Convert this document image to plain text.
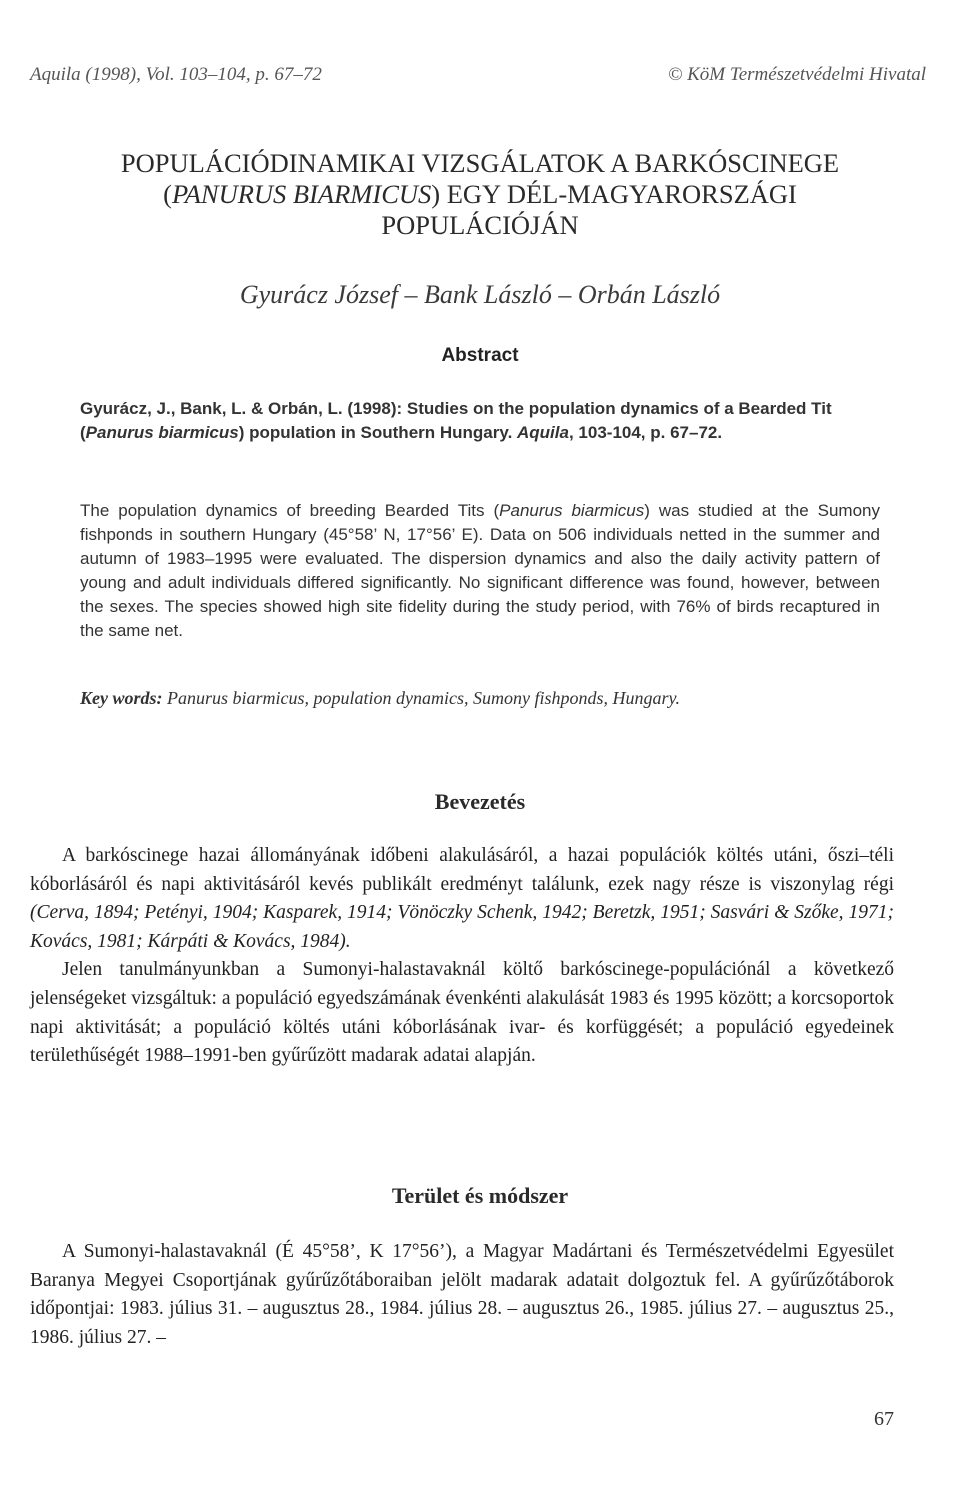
Aquila (1998), Vol. 103–104, p. 67–72	© KöM Természetvédelmi Hivatal
POPULÁCIÓDINAMIKAI VIZSGÁLATOK A BARKÓSCINEGE
(PANURUS BIARMICUS) EGY DÉL-MAGYARORSZÁGI
POPULÁCIÓJÁN
Gyurácz József – Bank László – Orbán László
Abstract
Gyurácz, J., Bank, L. & Orbán, L. (1998): Studies on the population dynamics of a Bearded Tit (Panurus biarmicus) population in Southern Hungary. Aquila, 103-104, p. 67–72.
The population dynamics of breeding Bearded Tits (Panurus biarmicus) was studied at the Sumony fishponds in southern Hungary (45°58’ N, 17°56’ E). Data on 506 individuals netted in the summer and autumn of 1983–1995 were evaluated. The dispersion dynamics and also the daily activity pattern of young and adult individuals differed significantly. No significant difference was found, however, between the sexes. The species showed high site fidelity during the study period, with 76% of birds recaptured in the same net.
Key words: Panurus biarmicus, population dynamics, Sumony fishponds, Hungary.
Bevezetés

A barkóscinege hazai állományának időbeni alakulásáról, a hazai populációk költés utáni, őszi–téli kóborlásáról és napi aktivitásáról kevés publikált eredményt találunk, ezek nagy része is viszonylag régi (Cerva, 1894; Petényi, 1904; Kasparek, 1914; Vönöczky Schenk, 1942; Beretzk, 1951; Sasvári & Szőke, 1971; Kovács, 1981; Kárpáti & Kovács, 1984).

Jelen tanulmányunkban a Sumonyi-halastavaknál költő barkóscinege-populációnál a következő jelenségeket vizsgáltuk: a populáció egyedszámának évenkénti alakulását 1983 és 1995 között; a korcsoportok napi aktivitását; a populáció költés utáni kóborlásának ivar- és korfüggését; a populáció egyedeinek területhűségét 1988–1991-ben gyűrűzött madarak adatai alapján.

Terület és módszer

A Sumonyi-halastavaknál (É 45°58’, K 17°56’), a Magyar Madártani és Természetvédelmi Egyesület Baranya Megyei Csoportjának gyűrűzőtáboraiban jelölt madarak adatait dolgoztuk fel. A gyűrűzőtáborok időpontjai: 1983. július 31. – augusztus 28., 1984. július 28. – augusztus 26., 1985. július 27. – augusztus 25., 1986. július 27. –

67
